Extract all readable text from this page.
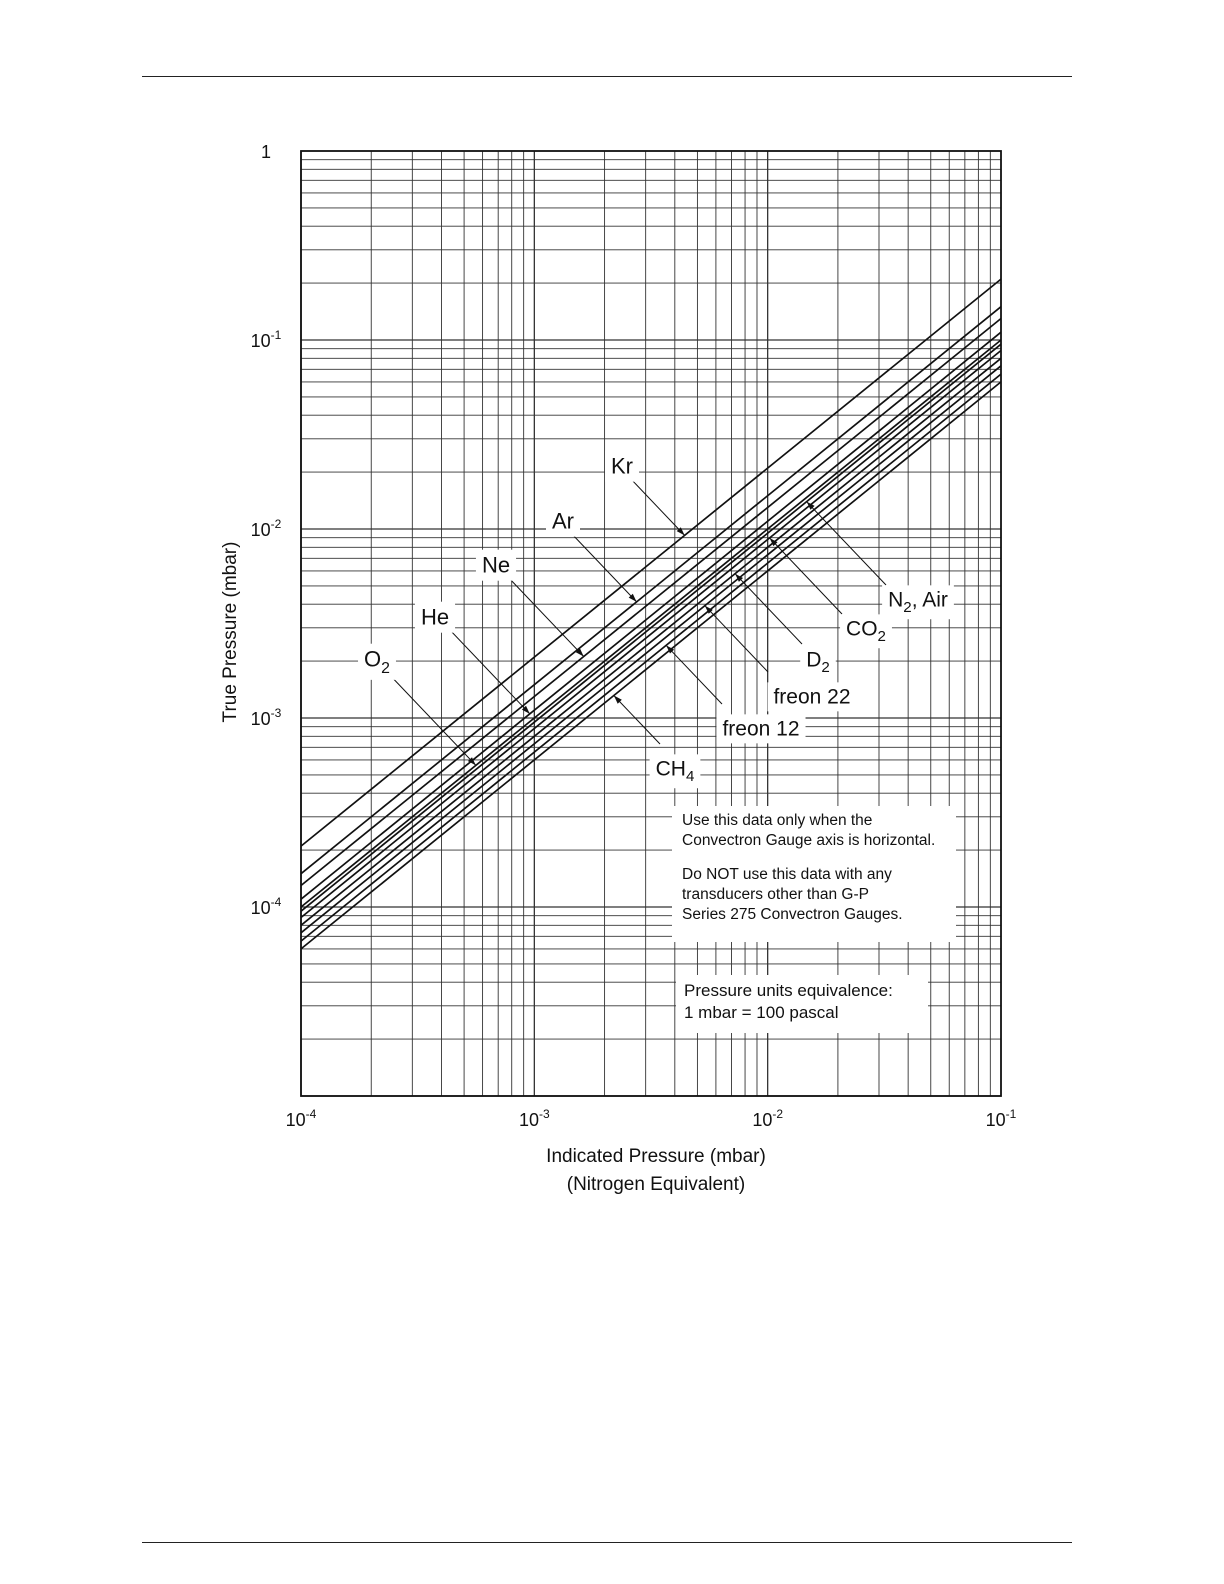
Kr
Ar
Ne
He
$O_2$
$N_2$, Air
$CO_2$
$D_2$
freon 22
freon 12
$CH_4$
$10^{-4}$	$10^{-3}$	$10^{-2}$	$10^{-1}$
1
$10^{-1}$
$10^{-2}$
$10^{-3}$
$10^{-4}$
Indicated Pressure (mbar)
(Nitrogen Equivalent)
True Pressure (mbar)

Use this data only when the

Convectron Gauge axis is horizontal.

Do NOT use this data with any

transducers other than G-P

Series 275 Convectron Gauges.

Pressure units equivalence:

1 mbar = 100 pascal
